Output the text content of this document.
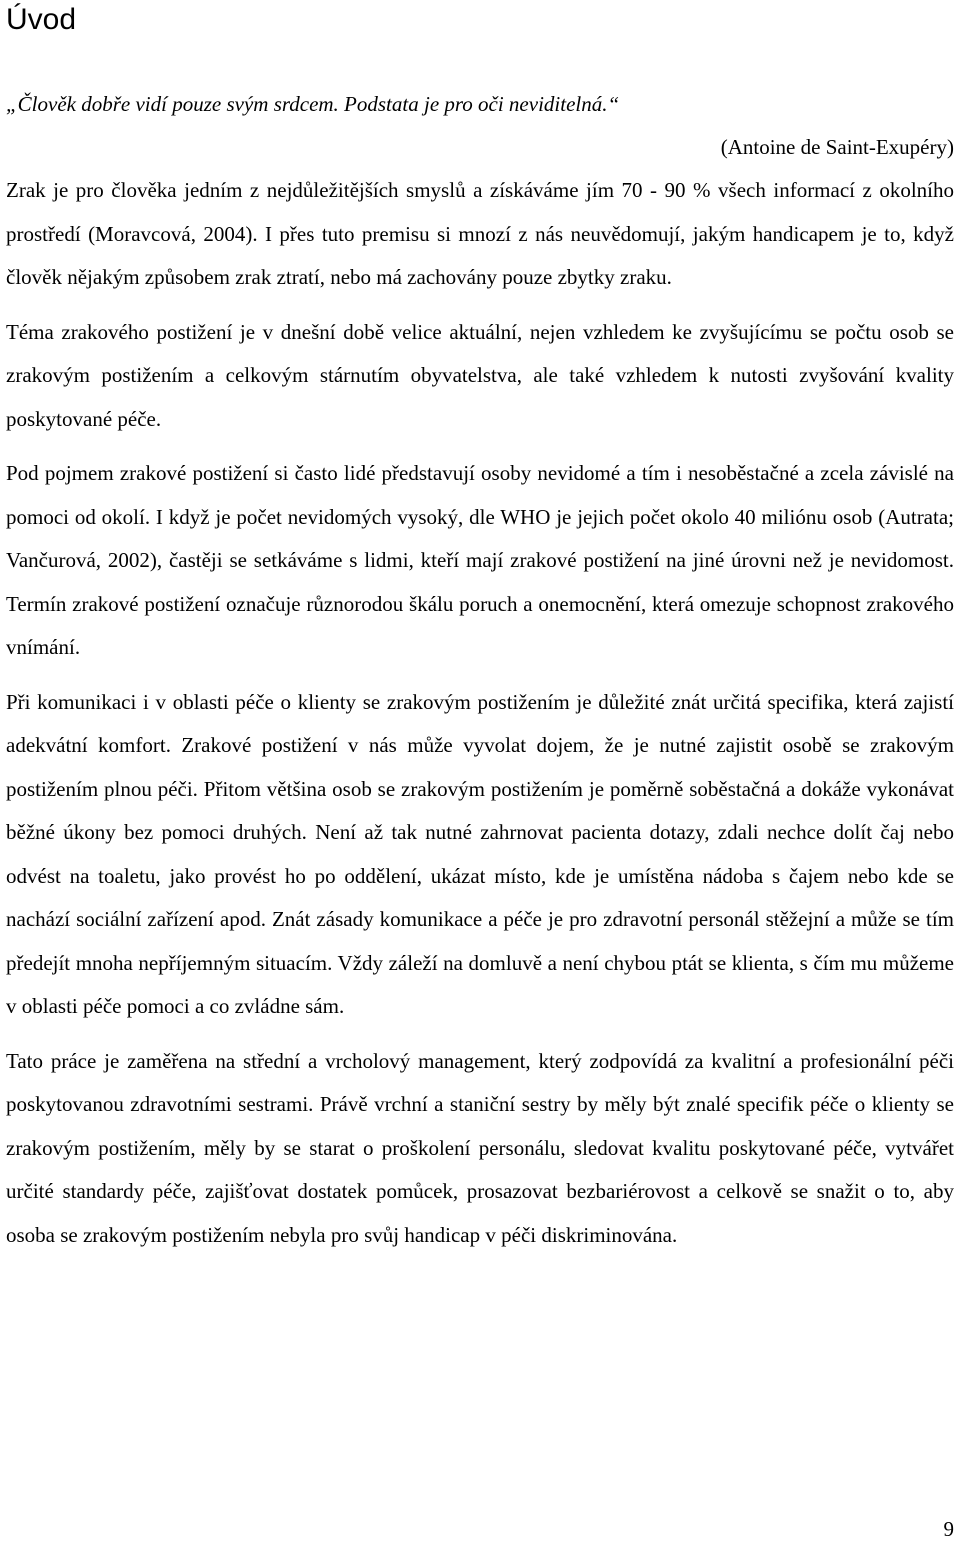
Úvod
„Člověk dobře vidí pouze svým srdcem. Podstata je pro oči neviditelná.“
(Antoine de Saint-Exupéry)

Zrak je pro člověka jedním z nejdůležitějších smyslů a získáváme jím 70 - 90 % všech informací z okolního prostředí (Moravcová, 2004). I přes tuto premisu si mnozí z nás neuvědomují, jakým handicapem je to, když člověk nějakým způsobem zrak ztratí, nebo má zachovány pouze zbytky zraku.

Téma zrakového postižení je v dnešní době velice aktuální, nejen vzhledem ke zvyšujícímu se počtu osob se zrakovým postižením a celkovým stárnutím obyvatelstva, ale také vzhledem k nutosti zvyšování kvality poskytované péče.

Pod pojmem zrakové postižení si často lidé představují osoby nevidomé a tím i nesoběstačné a zcela závislé na pomoci od okolí. I když je počet nevidomých vysoký, dle WHO je jejich počet okolo 40 miliónu osob (Autrata; Vančurová, 2002), častěji se setkáváme s lidmi, kteří mají zrakové postižení na jiné úrovni než je nevidomost. Termín zrakové postižení označuje různorodou škálu poruch a onemocnění, která omezuje schopnost zrakového vnímání.

Při komunikaci i v oblasti péče o klienty se zrakovým postižením je důležité znát určitá specifika, která zajistí adekvátní komfort. Zrakové postižení v nás může vyvolat dojem, že je nutné zajistit osobě se zrakovým postižením plnou péči. Přitom většina osob se zrakovým postižením je poměrně soběstačná a dokáže vykonávat běžné úkony bez pomoci druhých. Není až tak nutné zahrnovat pacienta dotazy, zdali nechce dolít čaj nebo odvést na toaletu, jako provést ho po oddělení, ukázat místo, kde je umístěna nádoba s čajem nebo kde se nachází sociální zařízení apod. Znát zásady komunikace a péče je pro zdravotní personál stěžejní a může se tím předejít mnoha nepříjemným situacím. Vždy záleží na domluvě a není chybou ptát se klienta, s čím mu můžeme v oblasti péče pomoci a co zvládne sám.

Tato práce je zaměřena na střední a vrcholový management, který zodpovídá za kvalitní a profesionální péči poskytovanou zdravotními sestrami. Právě vrchní a staniční sestry by měly být znalé specifik péče o klienty se zrakovým postižením, měly by se starat o proškolení personálu, sledovat kvalitu poskytované péče, vytvářet určité standardy péče, zajišťovat dostatek pomůcek, prosazovat bezbariérovost a celkově se snažit o to, aby osoba se zrakovým postižením nebyla pro svůj handicap v péči diskriminována.

9
